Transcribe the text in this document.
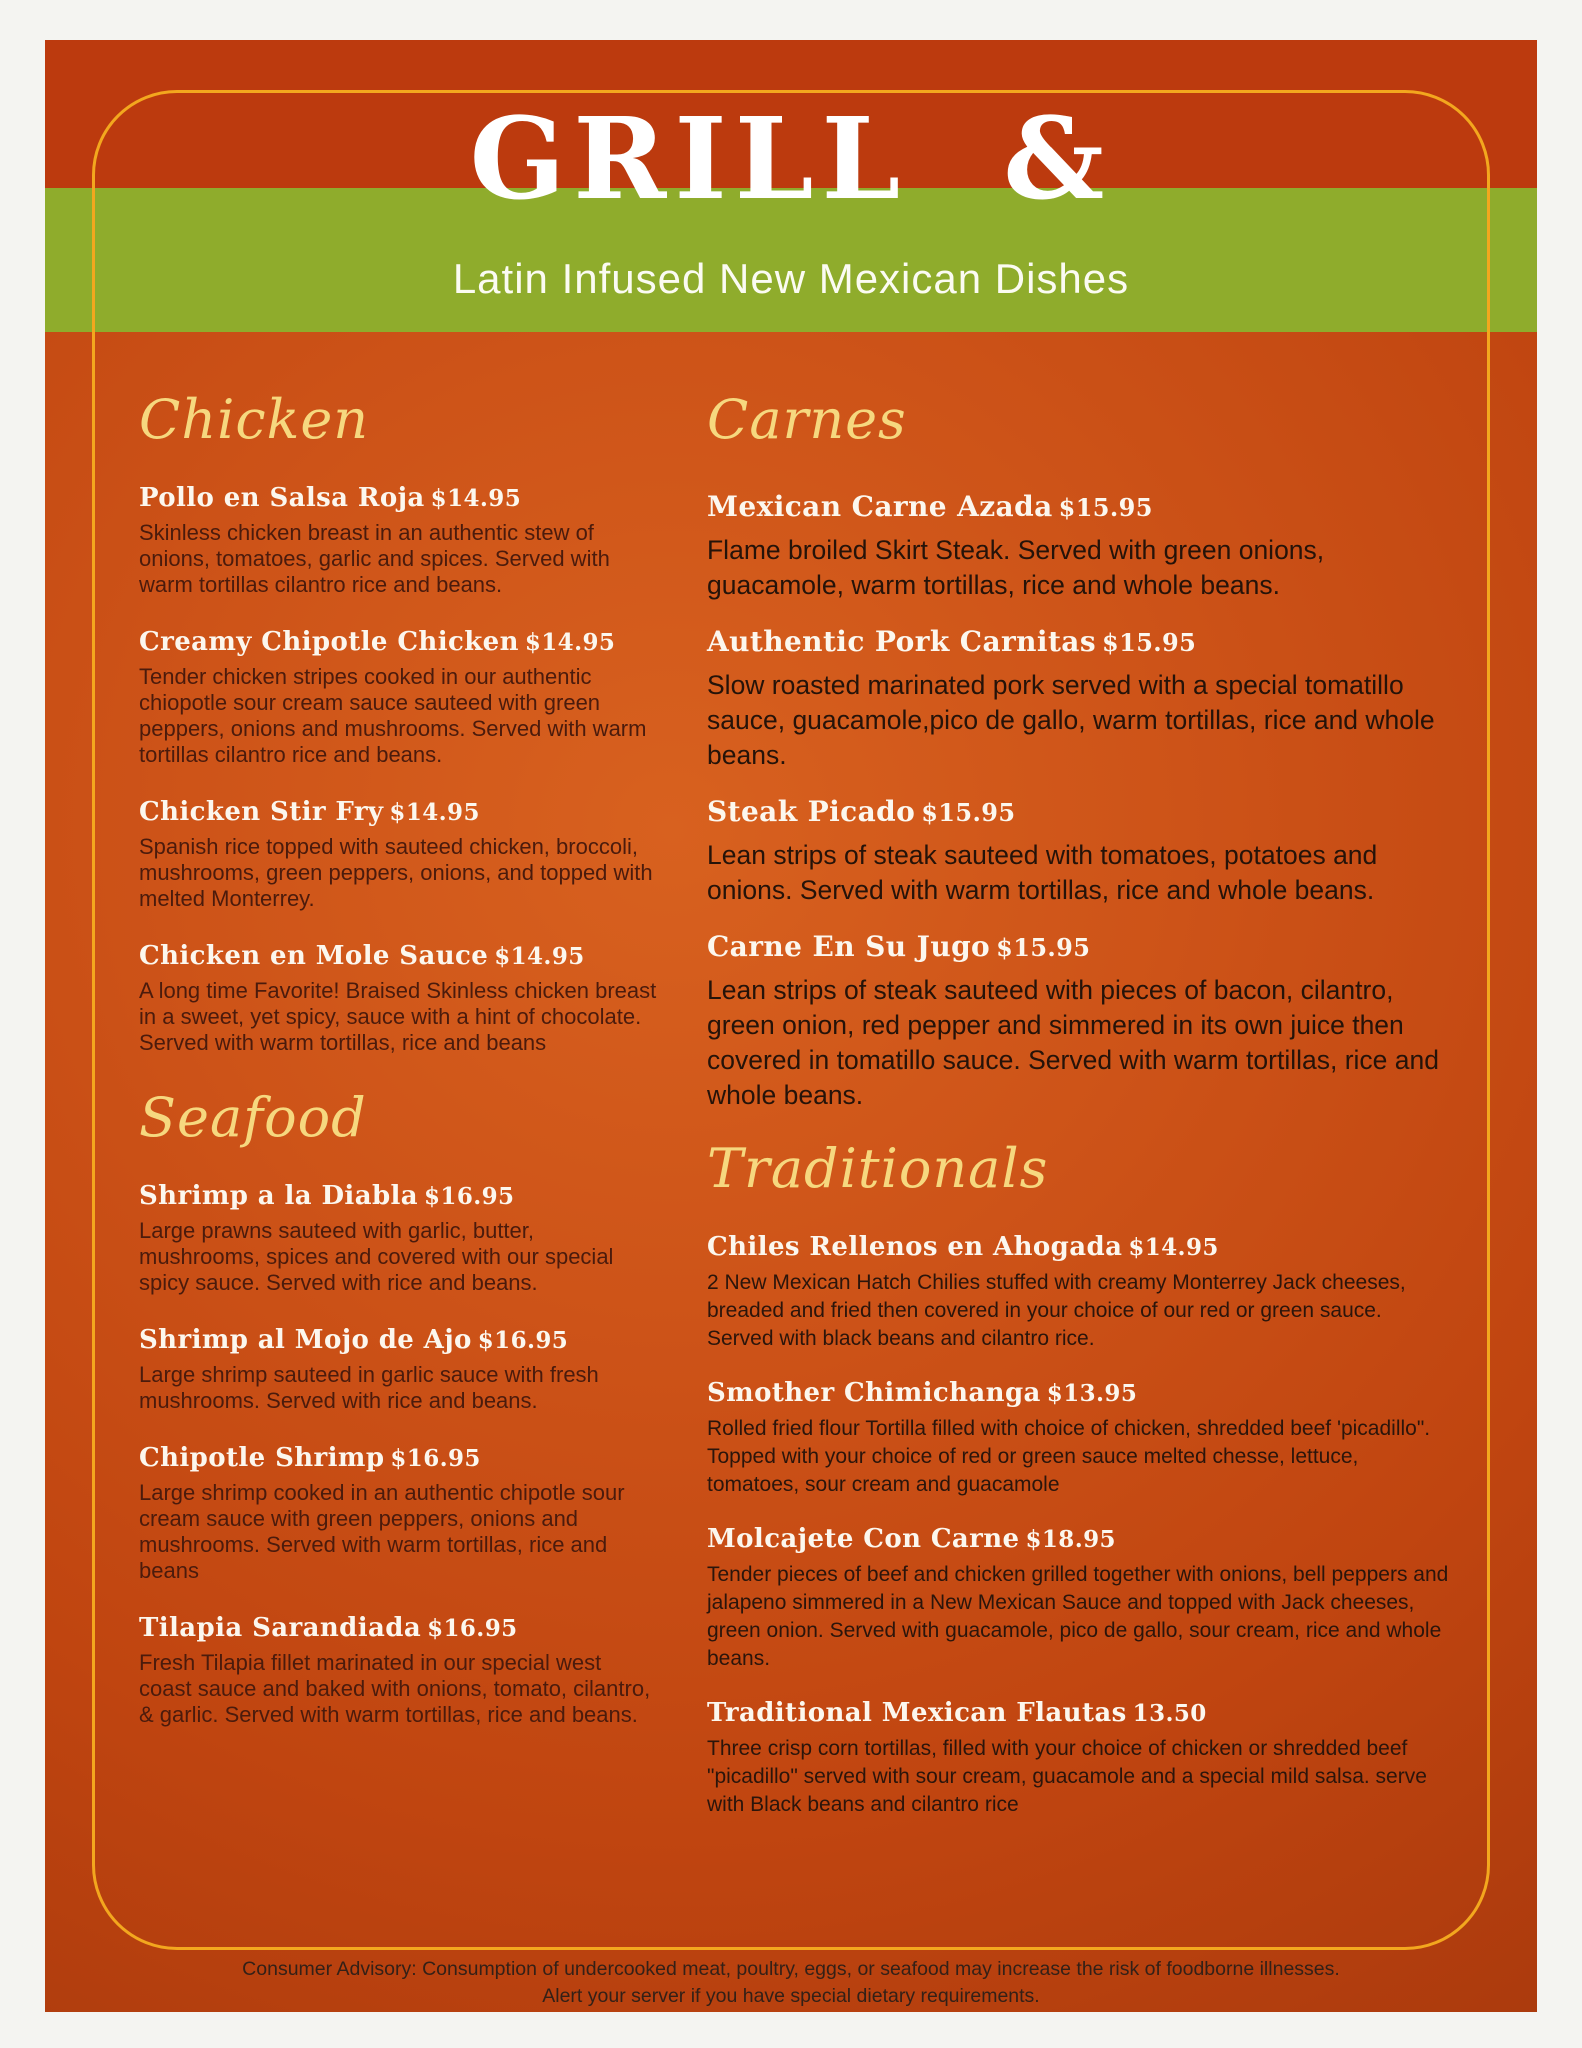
GRILL &
Latin Infused New Mexican Dishes
Chicken
Pollo en Salsa Roja $14.95

Skinless chicken breast in an authentic stew of onions, tomatoes, garlic and spices. Served with warm tortillas cilantro rice and beans.

Creamy Chipotle Chicken $14.95

Tender chicken stripes cooked in our authentic chiopotle sour cream sauce sauteed with green peppers, onions and mushrooms. Served with warm tortillas cilantro rice and beans.

Chicken Stir Fry $14.95

Spanish rice topped with sauteed chicken, broccoli, mushrooms, green peppers, onions, and topped with melted Monterrey.

Chicken en Mole Sauce $14.95

A long time Favorite! Braised Skinless chicken breast in a sweet, yet spicy, sauce with a hint of chocolate. Served with warm tortillas, rice and beans

Seafood
Shrimp a la Diabla $16.95

Large prawns sauteed with garlic, butter, mushrooms, spices and covered with our special spicy sauce. Served with rice and beans.

Shrimp al Mojo de Ajo $16.95

Large shrimp sauteed in garlic sauce with fresh mushrooms. Served with rice and beans.

Chipotle Shrimp $16.95

Large shrimp cooked in an authentic chipotle sour cream sauce with green peppers, onions and mushrooms. Served with warm tortillas, rice and beans

Tilapia Sarandiada $16.95

Fresh Tilapia fillet marinated in our special west coast sauce and baked with onions, tomato, cilantro, & garlic. Served with warm tortillas, rice and beans.

Carnes
Mexican Carne Azada $15.95

Flame broiled Skirt Steak. Served with green onions, guacamole, warm tortillas, rice and whole beans.

Authentic Pork Carnitas $15.95

Slow roasted marinated pork served with a special tomatillo sauce, guacamole,pico de gallo, warm tortillas, rice and whole beans.

Steak Picado $15.95

Lean strips of steak sauteed with tomatoes, potatoes and onions. Served with warm tortillas, rice and whole beans.

Carne En Su Jugo $15.95

Lean strips of steak sauteed with pieces of bacon, cilantro, green onion, red pepper and simmered in its own juice then covered in tomatillo sauce. Served with warm tortillas, rice and whole beans.

Traditionals
Chiles Rellenos en Ahogada $14.95

2 New Mexican Hatch Chilies stuffed with creamy Monterrey Jack cheeses, breaded and fried then covered in your choice of our red or green sauce. Served with black beans and cilantro rice.

Smother Chimichanga $13.95

Rolled fried flour Tortilla filled with choice of chicken, shredded beef 'picadillo". Topped with your choice of red or green sauce melted chesse, lettuce, tomatoes, sour cream and guacamole

Molcajete Con Carne $18.95

Tender pieces of beef and chicken grilled together with onions, bell peppers and jalapeno simmered in a New Mexican Sauce and topped with Jack cheeses, green onion. Served with guacamole, pico de gallo, sour cream, rice and whole beans.

Traditional Mexican Flautas 13.50

Three crisp corn tortillas, filled with your choice of chicken or shredded beef "picadillo" served with sour cream, guacamole and a special mild salsa. serve with Black beans and cilantro rice

Consumer Advisory: Consumption of undercooked meat, poultry, eggs, or seafood may increase the risk of foodborne illnesses.
Alert your server if you have special dietary requirements.
